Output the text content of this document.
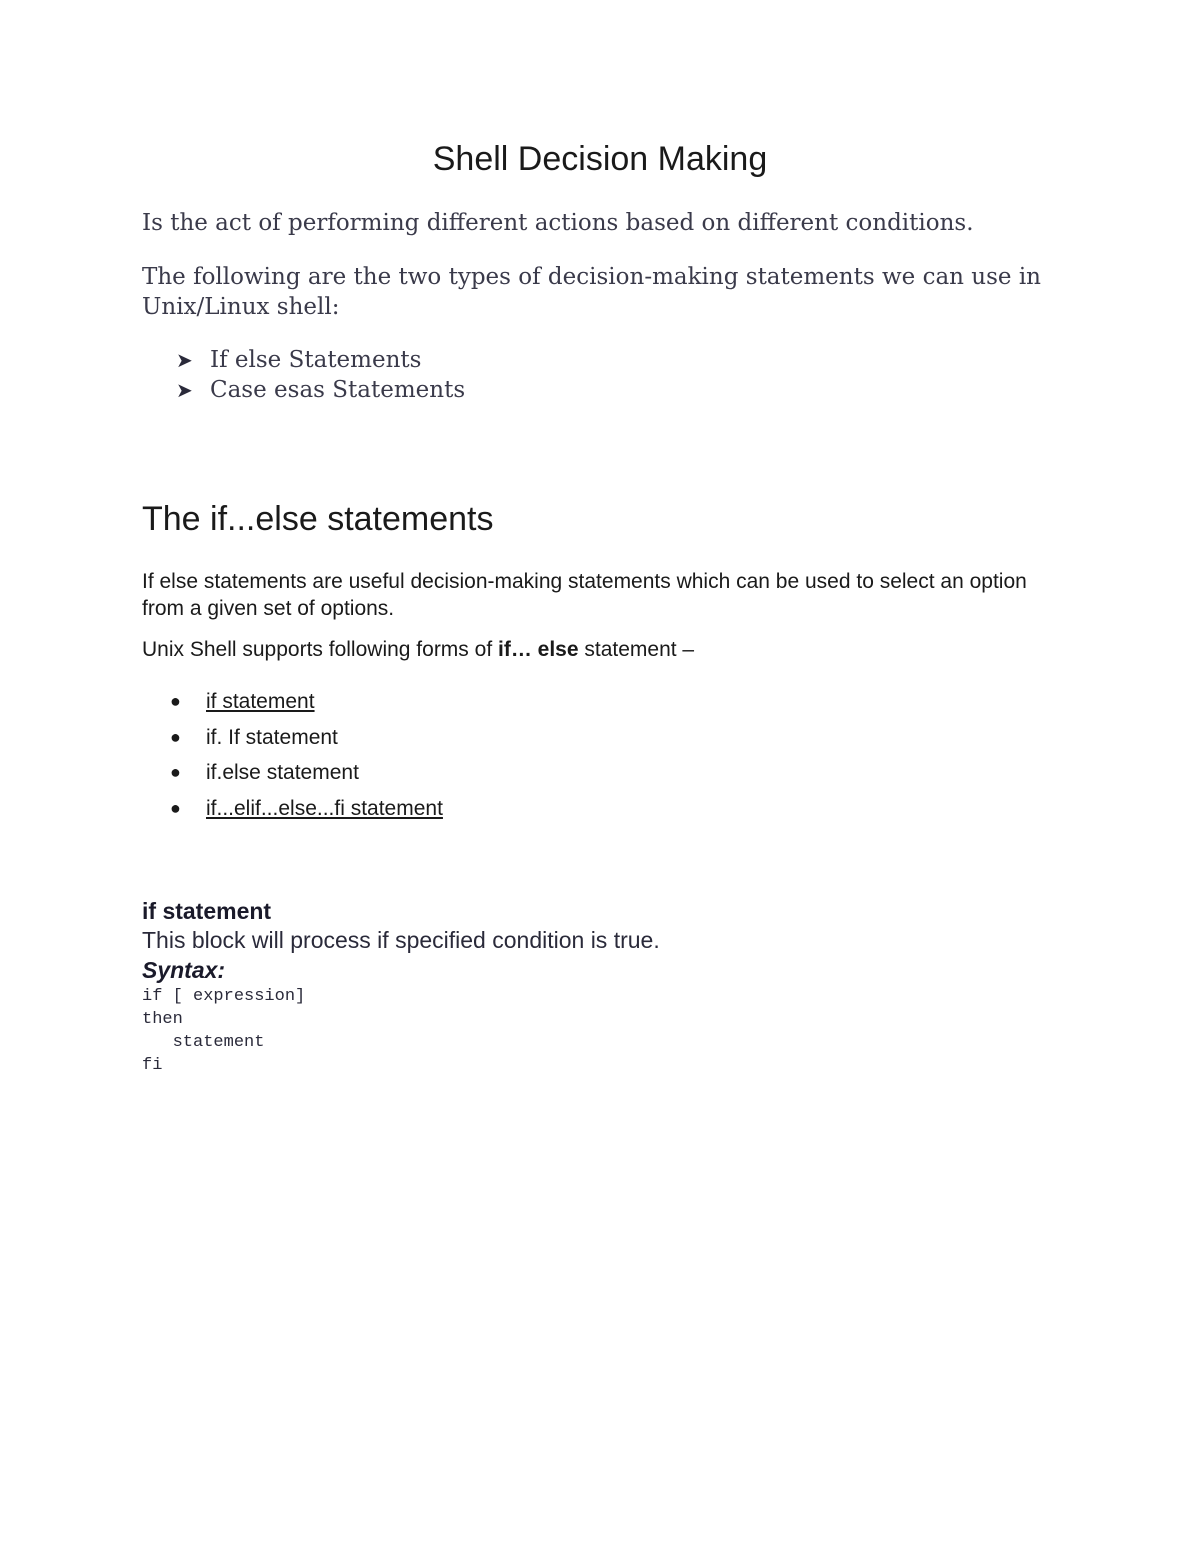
Shell Decision Making

Is the act of performing different actions based on different conditions.

The following are the two types of decision-making statements we can use in Unix/Linux shell:

➤ If else Statements
➤ Case esas Statements
The if...else statements

If else statements are useful decision-making statements which can be used to select an option from a given set of options.

Unix Shell supports following forms of if… else statement –

●	if statement
●	if. If statement
●	if.else statement
●	if...elif...else...fi statement
if statement

This block will process if specified condition is true.

Syntax:

if [ expression]
then
statement
fi
